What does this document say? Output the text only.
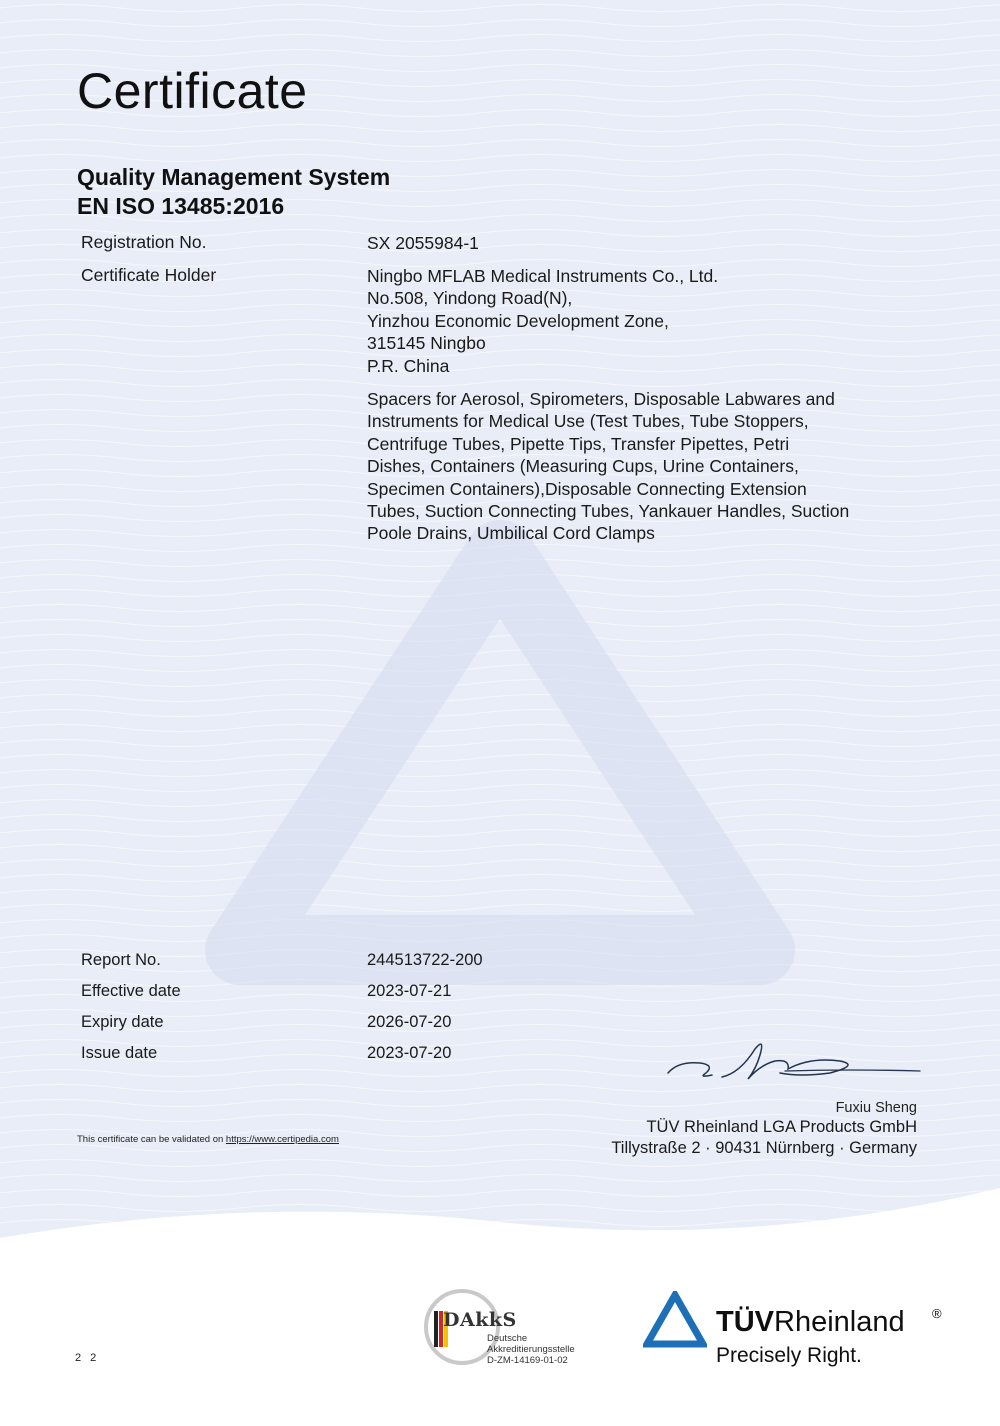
Certificate
Quality Management System
EN ISO 13485:2016
Registration No.	SX 2055984-1
Certificate Holder	Ningbo MFLAB Medical Instruments Co., Ltd.
No.508, Yindong Road(N),
Yinzhou Economic Development Zone,
315145 Ningbo
P.R. China
Spacers for Aerosol, Spirometers, Disposable Labwares and
Instruments for Medical Use (Test Tubes, Tube Stoppers,
Centrifuge Tubes, Pipette Tips, Transfer Pipettes, Petri
Dishes, Containers (Measuring Cups, Urine Containers,
Specimen Containers),Disposable Connecting Extension
Tubes, Suction Connecting Tubes, Yankauer Handles, Suction
Poole Drains, Umbilical Cord Clamps
Report No.	244513722-200
Effective date	2023-07-21
Expiry date	2026-07-20
Issue date	2023-07-20
This certificate can be validated on https://www.certipedia.com
Fuxiu Sheng
TÜV Rheinland LGA Products GmbH
Tillystraße 2 · 90431 Nürnberg · Germany
2 2
DAkkS
Deutsche
Akkreditierungsstelle
D-ZM-14169-01-02
TÜVRheinland ®
Precisely Right.
